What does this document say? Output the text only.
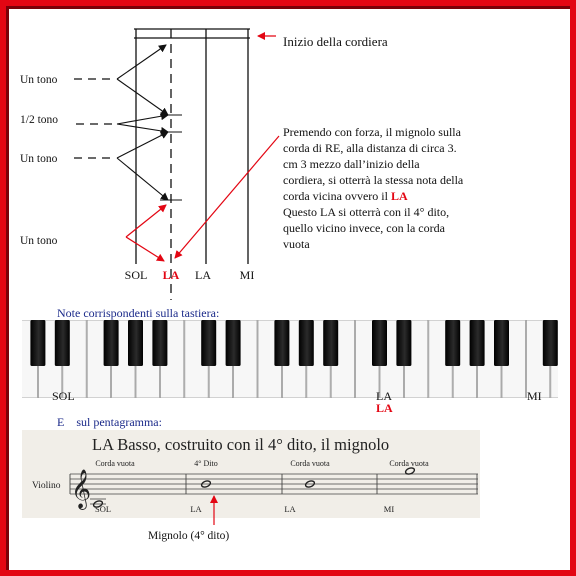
Inizio della cordiera
Un tono
1/2 tono
Un tono
Un tono
SOL LA LA MI
Premendo con forza, il mignolo sulla
corda di RE, alla distanza di circa 3.
cm 3 mezzo dall’inizio della
cordiera, si otterrà la stessa nota della
corda vicina ovvero il LA
Questo LA si otterrà con il 4° dito,
quello vicino invece, con la corda
vuota
Note corrispondenti sulla tastiera:
SOL	LA
LA
MI
E    sul pentagramma:
LA Basso, costruito con il 4° dito, il mignolo
Violino
Corda vuota	4° Dito	Corda vuota	Corda vuota
𝄞
SOL	LA	LA	MI
Mignolo (4° dito)
